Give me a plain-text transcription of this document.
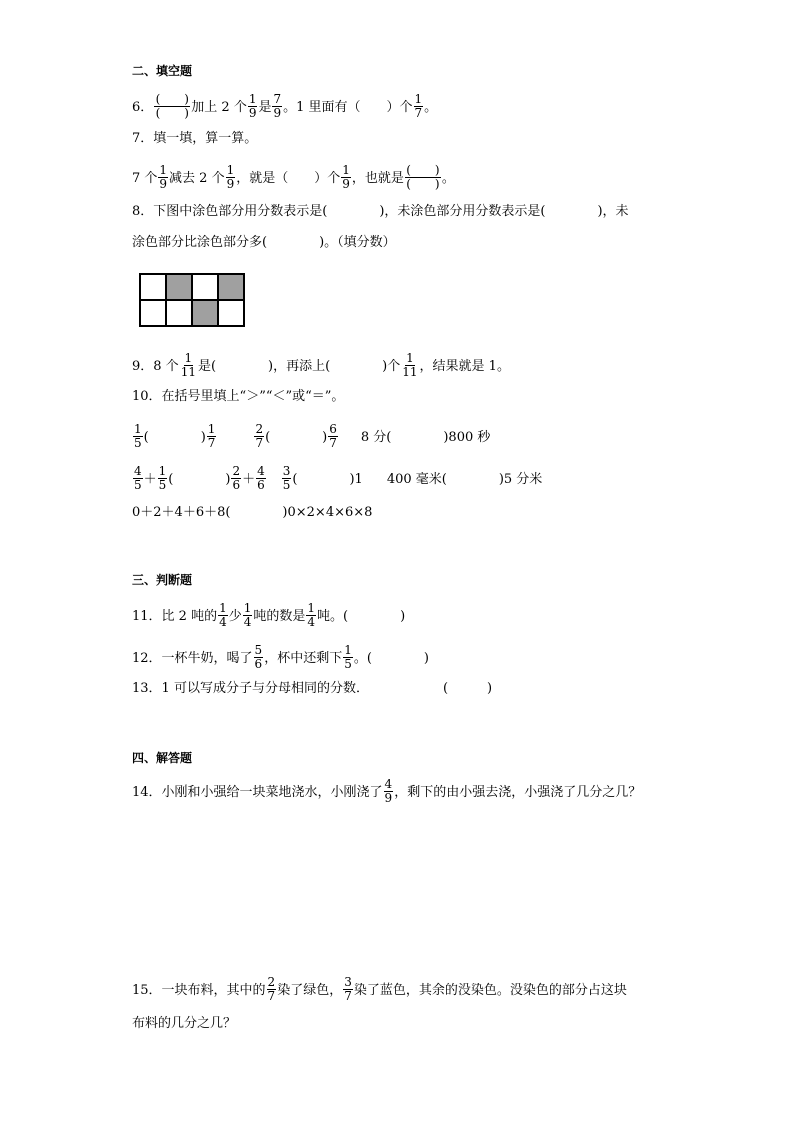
二、填空题
6． $\frac{( )}{( )}$ 加上 2 个 $\frac{1}{9}$ 是 $\frac{7}{9}$ 。1 里面有（　　）个 $\frac{1}{7}$ 。
7．填一填，算一算。
7 个 $\frac{1}{9}$ 减去 2 个 $\frac{1}{9}$ ，就是（　　）个 $\frac{1}{9}$ ，也就是 $\frac{( )}{( )}$ 。
8．下图中涂色部分用分数表示是(　　　　)，未涂色部分用分数表示是(　　　　)，未
涂色部分比涂色部分多(　　　　)。（填分数）

9．8 个 $\frac{1}{11}$ 是(　　　　)，再添上(　　　　)个 $\frac{1}{11}$ ，结果就是 1。
10．在括号里填上“＞”“＜”或“＝”。
$\frac{1}{5}$ (　　　　) $\frac{1}{7}$	$\frac{2}{7}$ (　　　　) $\frac{6}{7} 8$ 分(　　　　)800 秒
$\frac{4}{5} + \frac{1}{5}$ (　　　　) $\frac{2}{6} + \frac{4}{6} \frac{3}{5}$ (　　　　)1 400 毫米(　　　　)5 分米
0＋2＋4＋6＋8(　　　　)0×2×4×6×8
三、判断题
11．比 2 吨的 $\frac{1}{4}$ 少 $\frac{1}{4}$ 吨的数是 $\frac{1}{4}$ 吨。(　　　　)
12．一杯牛奶，喝了 $\frac{5}{6}$ ，杯中还剩下 $\frac{1}{5}$ 。(　　　　)
13．1 可以写成分子与分母相同的分数．	(　　　)
四、解答题
14．小刚和小强给一块菜地浇水，小刚浇了 $\frac{4}{9}$ ，剩下的由小强去浇，小强浇了几分之几？
15．一块布料，其中的 $\frac{2}{7}$ 染了绿色， $\frac{3}{7}$ 染了蓝色，其余的没染色。没染色的部分占这块
布料的几分之几？
